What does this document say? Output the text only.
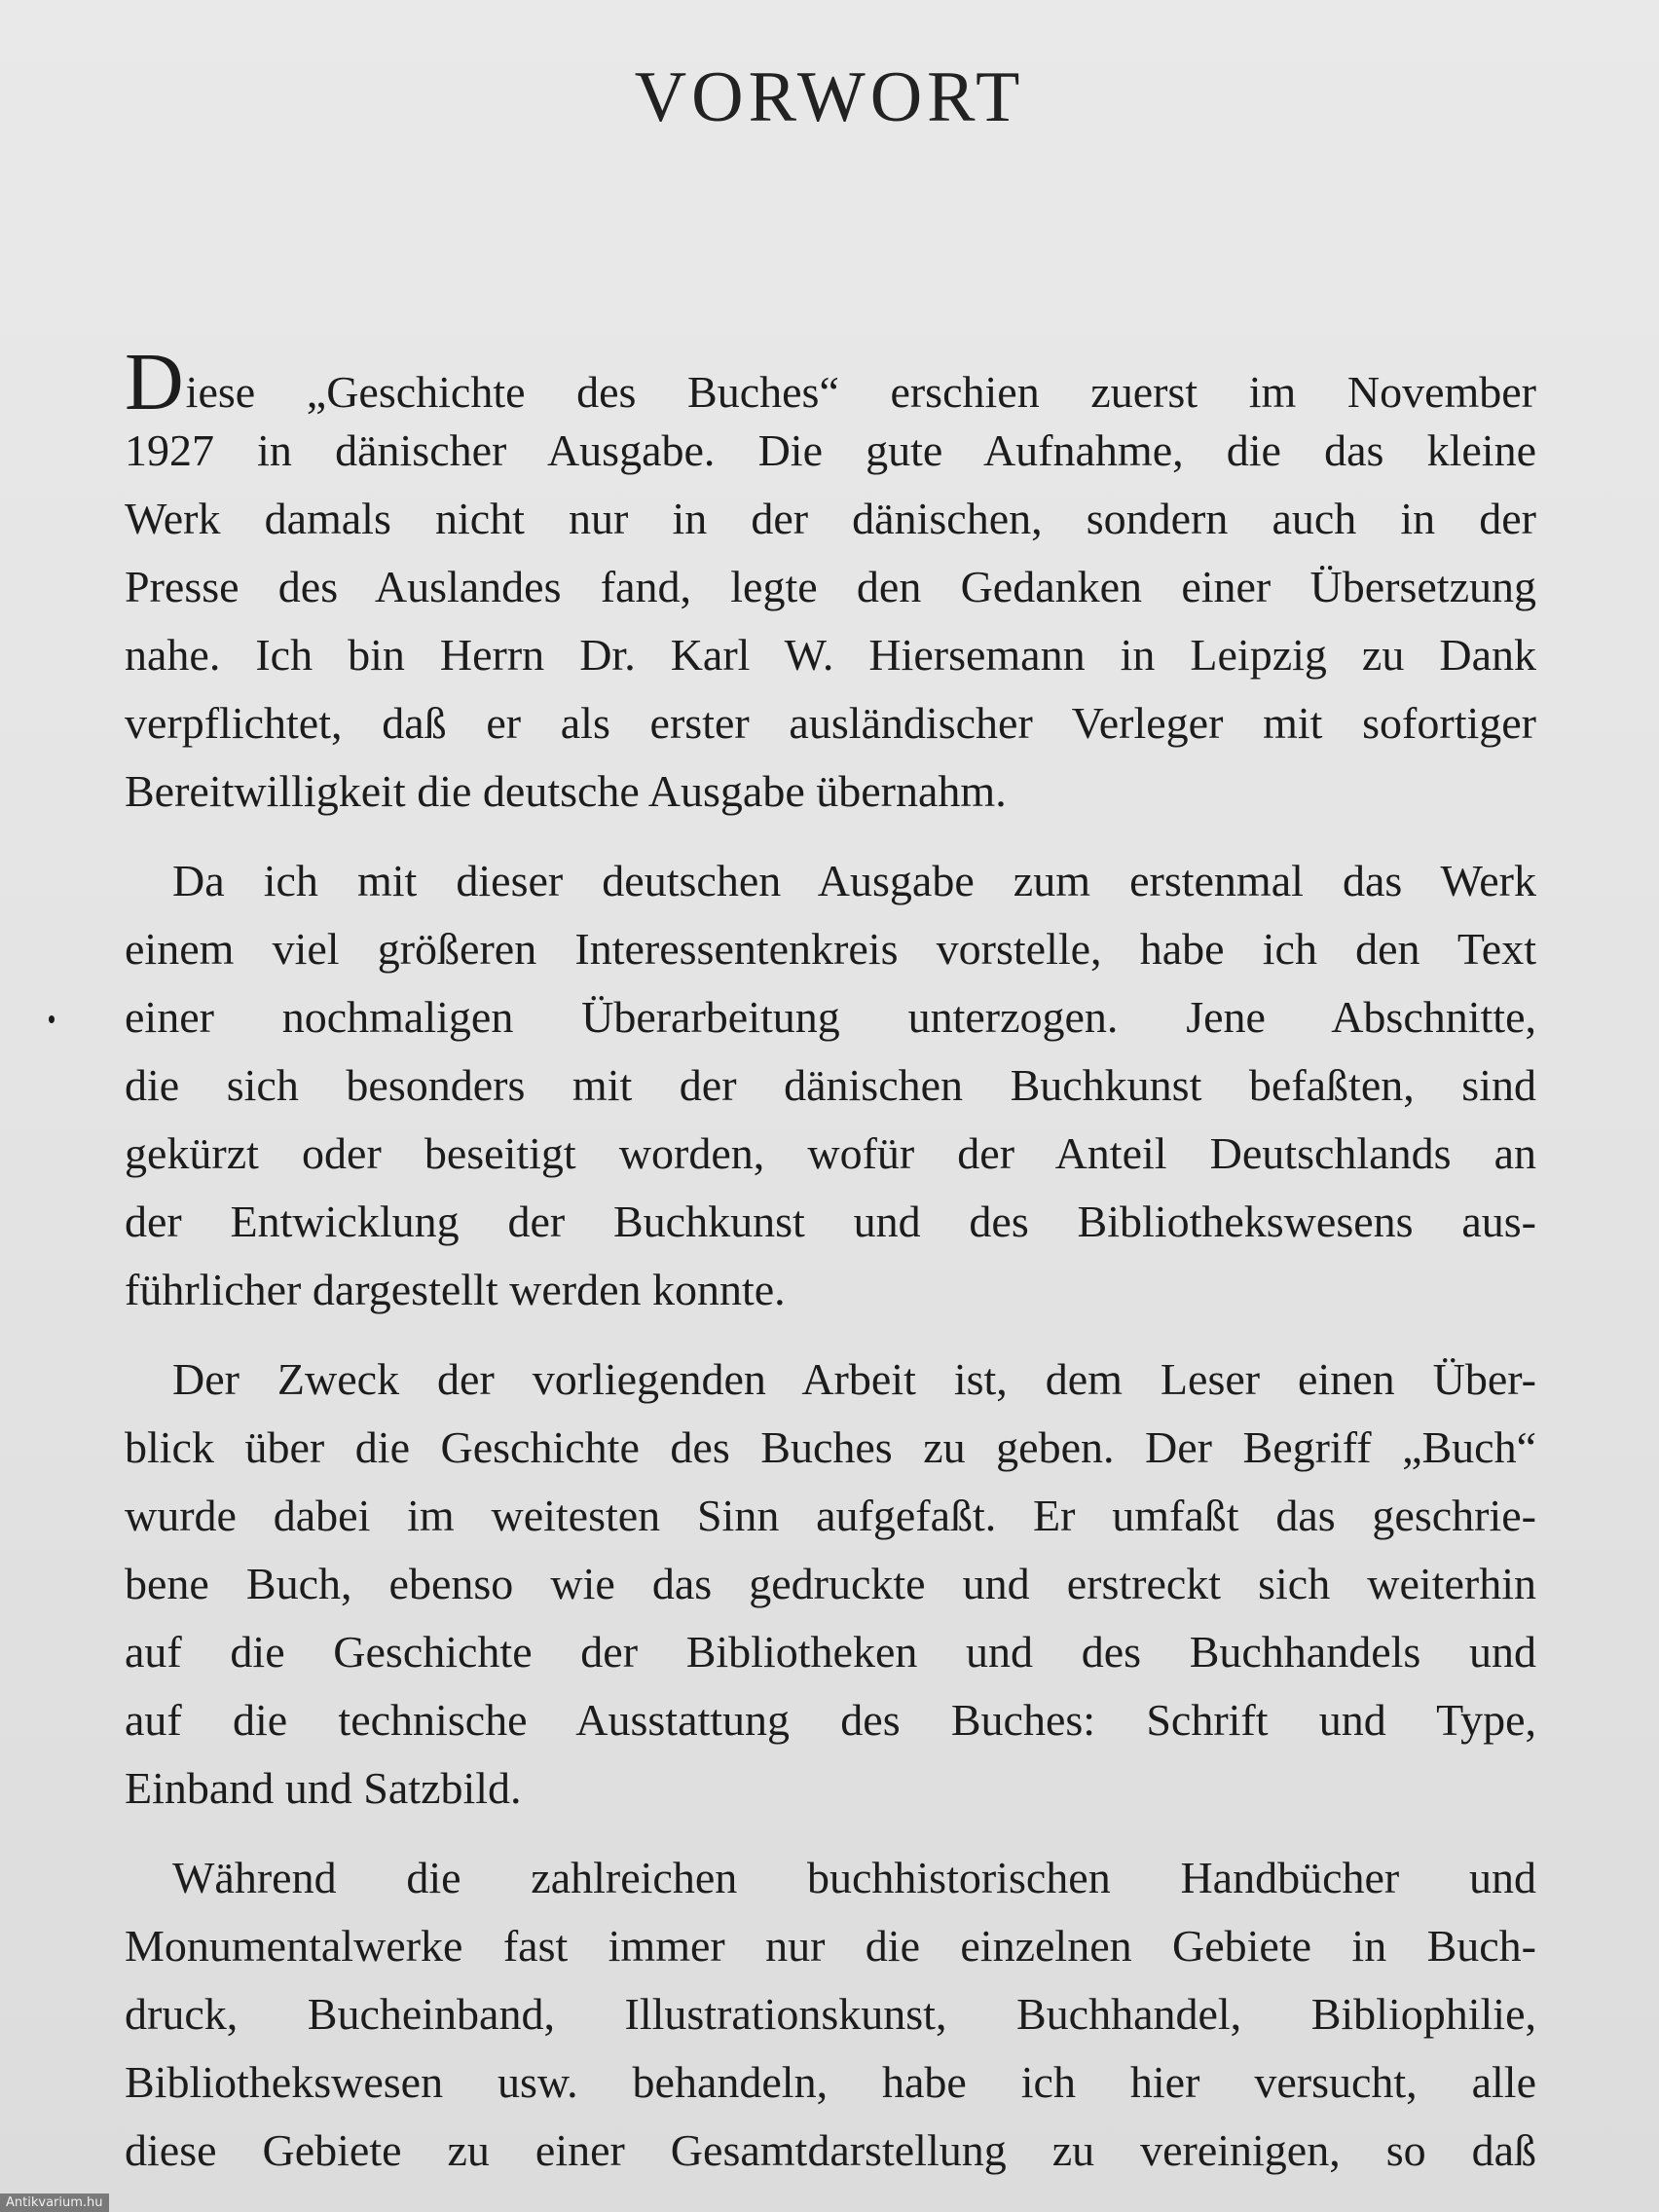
VORWORT
Diese „Geschichte des Buches“ erschien zuerst im November
1927 in dänischer Ausgabe. Die gute Aufnahme, die das kleine
Werk damals nicht nur in der dänischen, sondern auch in der
Presse des Auslandes fand, legte den Gedanken einer Übersetzung
nahe. Ich bin Herrn Dr. Karl W. Hiersemann in Leipzig zu Dank
verpflichtet, daß er als erster ausländischer Verleger mit sofortiger
Bereitwilligkeit die deutsche Ausgabe übernahm.
Da ich mit dieser deutschen Ausgabe zum erstenmal das Werk
einem viel größeren Interessentenkreis vorstelle, habe ich den Text
einer nochmaligen Überarbeitung unterzogen. Jene Abschnitte,
die sich besonders mit der dänischen Buchkunst befaßten, sind
gekürzt oder beseitigt worden, wofür der Anteil Deutschlands an
der Entwicklung der Buchkunst und des Bibliothekswesens aus-
führlicher dargestellt werden konnte.
Der Zweck der vorliegenden Arbeit ist, dem Leser einen Über-
blick über die Geschichte des Buches zu geben. Der Begriff „Buch“
wurde dabei im weitesten Sinn aufgefaßt. Er umfaßt das geschrie-
bene Buch, ebenso wie das gedruckte und erstreckt sich weiterhin
auf die Geschichte der Bibliotheken und des Buchhandels und
auf die technische Ausstattung des Buches: Schrift und Type,
Einband und Satzbild.
Während die zahlreichen buchhistorischen Handbücher und
Monumentalwerke fast immer nur die einzelnen Gebiete in Buch-
druck, Bucheinband, Illustrationskunst, Buchhandel, Bibliophilie,
Bibliothekswesen usw. behandeln, habe ich hier versucht, alle
diese Gebiete zu einer Gesamtdarstellung zu vereinigen, so daß
Antikvarium.hu
